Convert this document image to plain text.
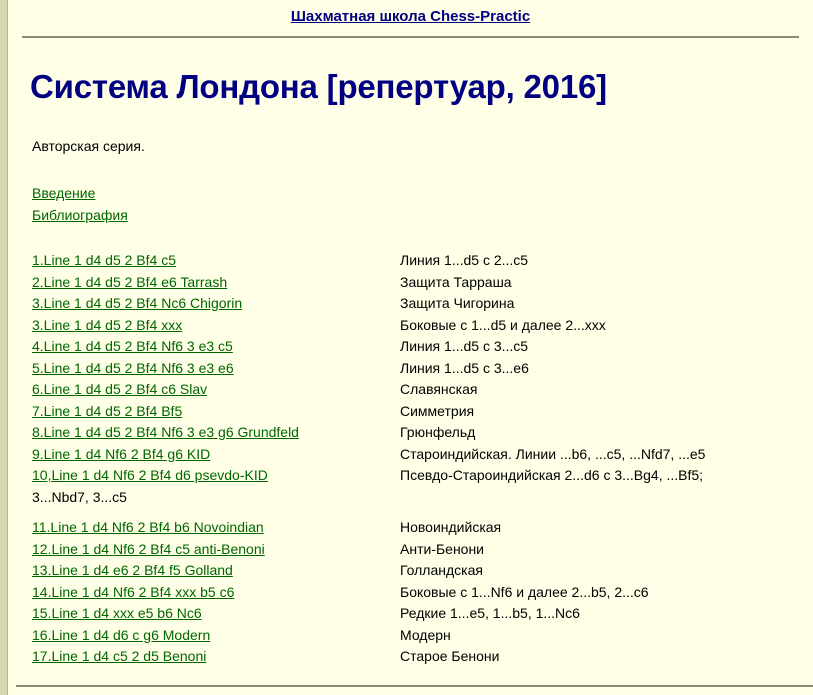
Шахматная школа Chess-Practic
Система Лондона [репертуар, 2016]
Авторская серия.
Введение
Библиография
1.Line 1 d4 d5 2 Bf4 c5	Линия 1...d5 с 2...c5
2.Line 1 d4 d5 2 Bf4 e6 Tarrash	Защита Тарраша
3.Line 1 d4 d5 2 Bf4 Nc6 Chigorin	Защита Чигорина
3.Line 1 d4 d5 2 Bf4 xxx	Боковые с 1...d5 и далее 2...xxx
4.Line 1 d4 d5 2 Bf4 Nf6 3 e3 c5	Линия 1...d5 с 3...c5
5.Line 1 d4 d5 2 Bf4 Nf6 3 e3 e6	Линия 1...d5 с 3...e6
6.Line 1 d4 d5 2 Bf4 c6 Slav	Славянская
7.Line 1 d4 d5 2 Bf4 Bf5	Симметрия
8.Line 1 d4 d5 2 Bf4 Nf6 3 e3 g6 Grundfeld	Грюнфельд
9.Line 1 d4 Nf6 2 Bf4 g6 KID	Староиндийская. Линии ...b6, ...c5, ...Nfd7, ...e5
10,Line 1 d4 Nf6 2 Bf4 d6 psevdo-KID	Псевдо-Староиндийская 2...d6 с 3...Bg4, ...Bf5;
3...Nbd7, 3...c5
11.Line 1 d4 Nf6 2 Bf4 b6 Novoindian	Новоиндийская
12.Line 1 d4 Nf6 2 Bf4 c5 anti-Benoni	Анти-Бенони
13.Line 1 d4 e6 2 Bf4 f5 Golland	Голландская
14.Line 1 d4 Nf6 2 Bf4 xxx b5 c6	Боковые с 1...Nf6 и далее 2...b5, 2...c6
15.Line 1 d4 xxx e5 b6 Nc6	Редкие 1...e5, 1...b5, 1...Nc6
16.Line 1 d4 d6 c g6 Modern	Модерн
17.Line 1 d4 c5 2 d5 Benoni	Старое Бенони
